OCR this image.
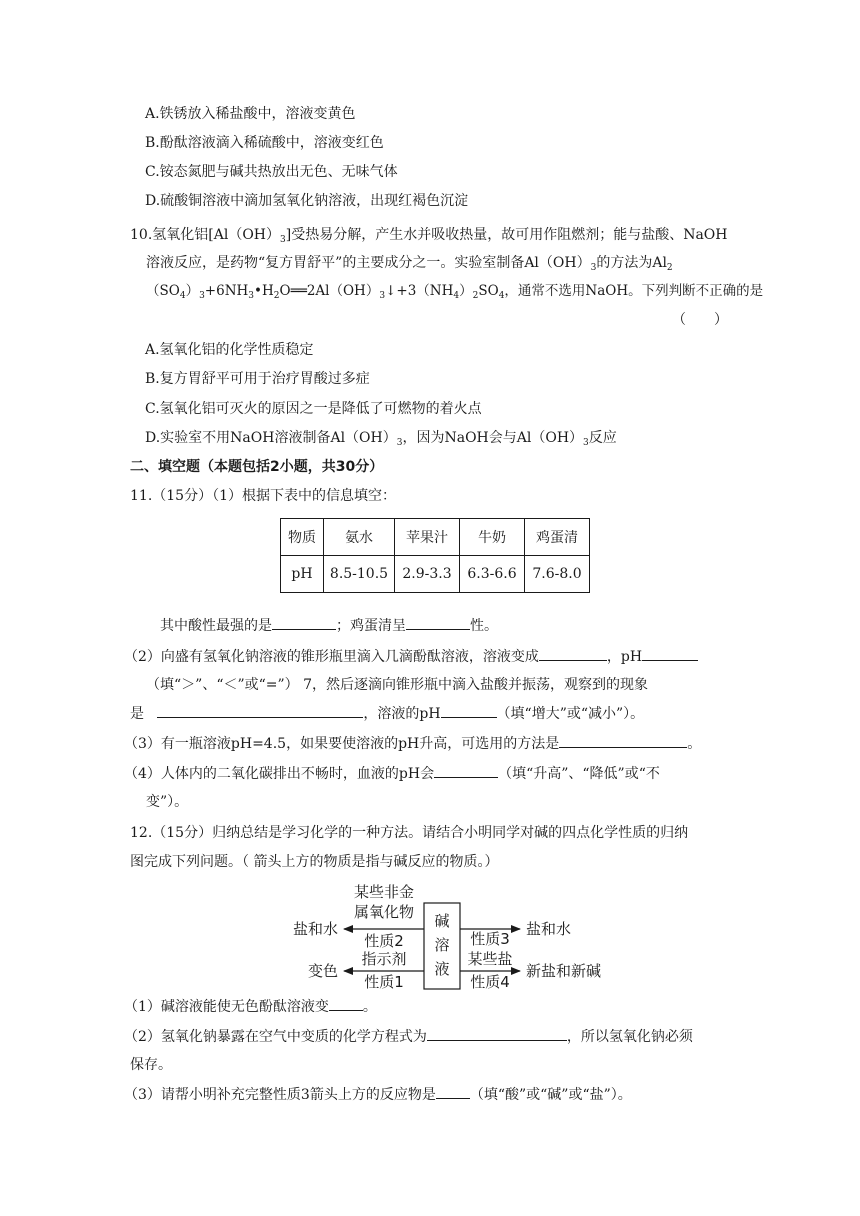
A.铁锈放入稀盐酸中，溶液变黄色
B.酚酞溶液滴入稀硫酸中，溶液变红色
C.铵态氮肥与碱共热放出无色、无味气体
D.硫酸铜溶液中滴加氢氧化钠溶液，出现红褐色沉淀
10.氢氧化铝$[Al(OH)_3]$受热易分解，产生水并吸收热量，故可用作阻燃剂；能与盐酸、NaOH
溶液反应，是药物“复方胃舒平”的主要成分之一。实验室制备$Al(OH)_3$的方法为$Al_2$
$(SO_4)_3+6NH_3•H_2O══2Al(OH)_3↓+3(NH_4)_2SO_4$，通常不选用NaOH。下列判断不正确的是
（　　）
A.氢氧化铝的化学性质稳定
B.复方胃舒平可用于治疗胃酸过多症
C.氢氧化铝可灭火的原因之一是降低了可燃物的着火点
D.实验室不用NaOH溶液制备$Al(OH)_3$，因为NaOH会与$Al(OH)_3$反应
二、填空题（本题包括2小题，共30分）
11.（15分）（1）根据下表中的信息填空：
物质	氨水	苹果汁	牛奶	鸡蛋清
pH	8.5-10.5	2.9-3.3	6.3-6.6	7.6-8.0
其中酸性最强的是	；鸡蛋清呈	性。
（2）向盛有氢氧化钠溶液的锥形瓶里滴入几滴酚酞溶液，溶液变成	，pH
（填“＞”、“＜”或“=”） 7，然后逐滴向锥形瓶中滴入盐酸并振荡，观察到的现象
是	，溶液的pH	（填“增大”或“减小”）。
（3）有一瓶溶液pH=4.5，如果要使溶液的pH升高，可选用的方法是	。
（4）人体内的二氧化碳排出不畅时，血液的pH会	（填“升高”、“降低”或“不
变”）。
12.（15分）归纳总结是学习化学的一种方法。请结合小明同学对碱的四点化学性质的归纳
图完成下列问题。（ 箭头上方的物质是指与碱反应的物质。）
碱
溶
液
某些非金
属氧化物
性质2
指示剂
性质1
盐和水
变色
性质3
某些盐
性质4
盐和水
新盐和新碱
（1）碱溶液能使无色酚酞溶液变 。
（2）氢氧化钠暴露在空气中变质的化学方程式为	，所以氢氧化钠必须
保存。
（3）请帮小明补充完整性质3箭头上方的反应物是 （填“酸”或“碱”或“盐”）。
